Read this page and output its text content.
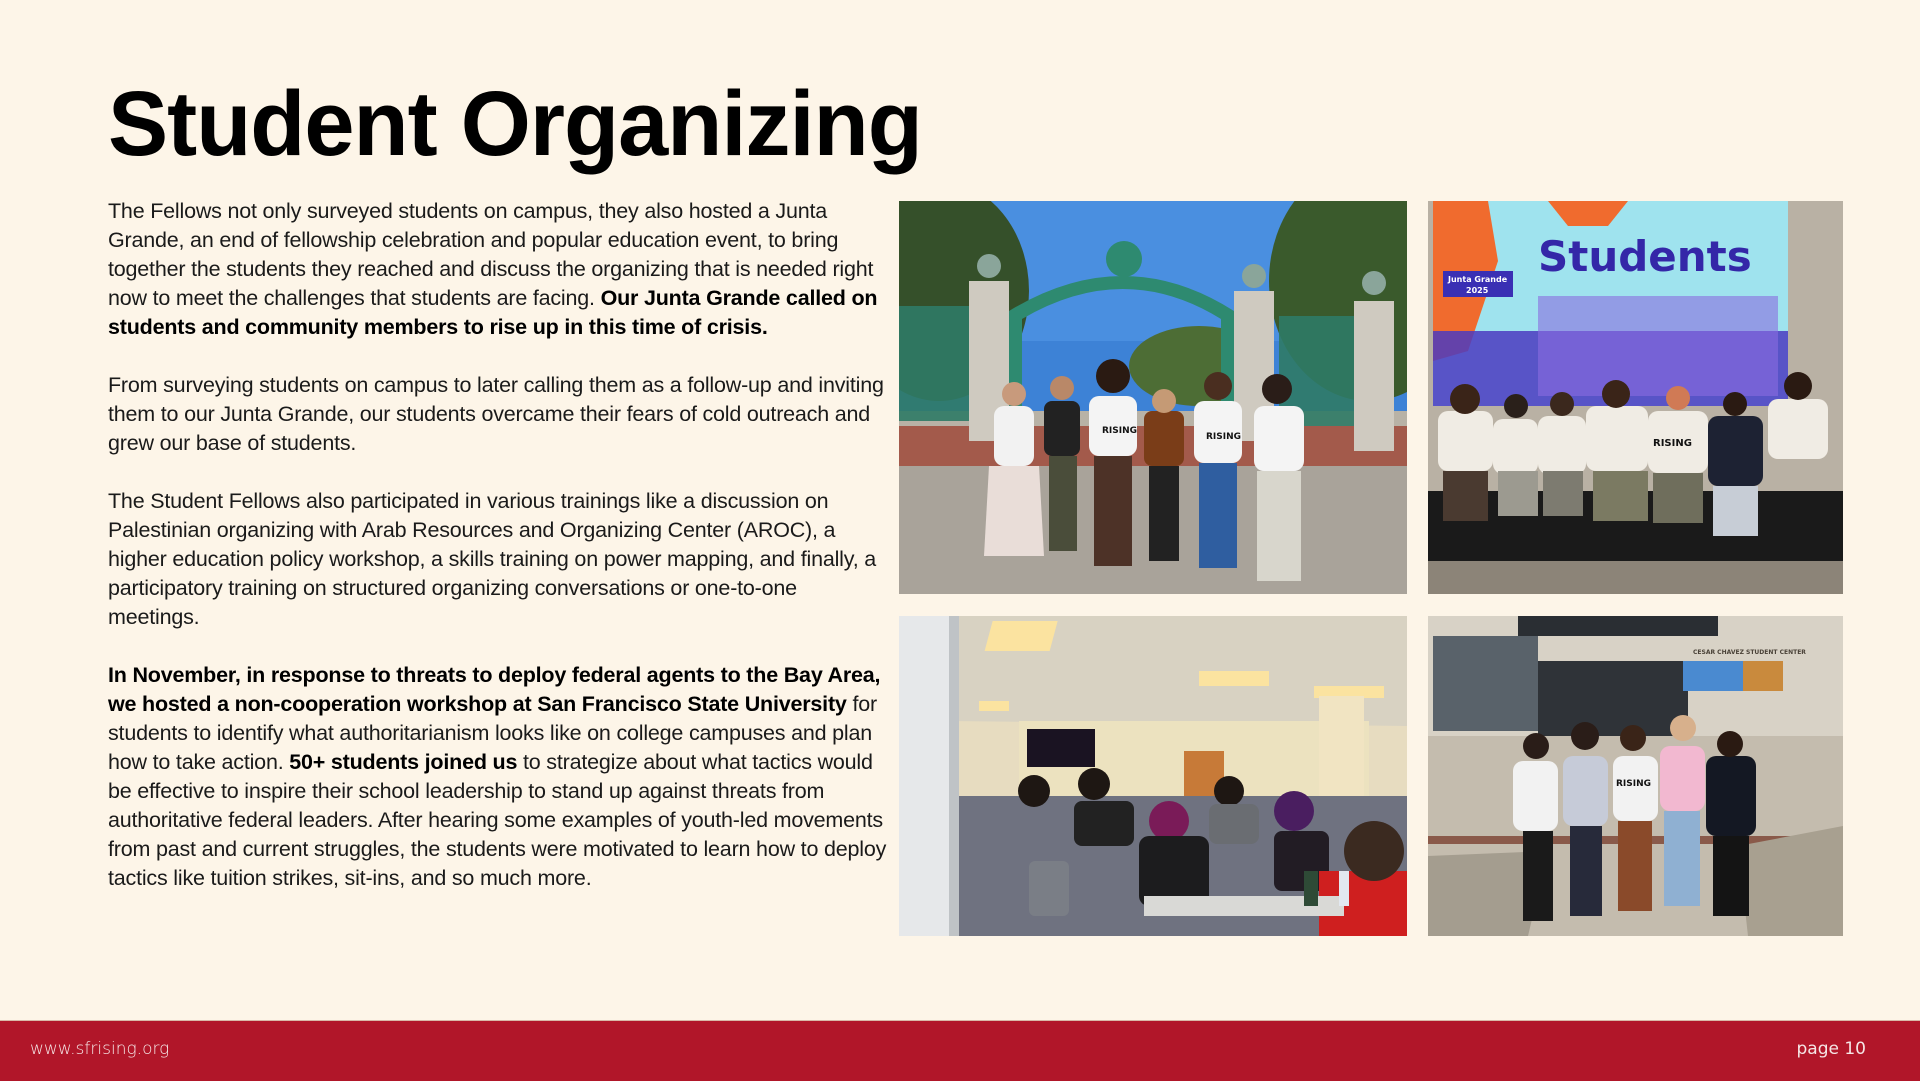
Student Organizing

The Fellows not only surveyed students on campus, they also hosted a Junta Grande, an end of fellowship celebration and popular education event, to bring together the students they reached and discuss the organizing that is needed right now to meet the challenges that students are facing. Our Junta Grande called on students and community members to rise up in this time of crisis.

From surveying students on campus to later calling them as a follow-up and inviting them to our Junta Grande, our students overcame their fears of cold outreach and grew our base of students.

The Student Fellows also participated in various trainings like a discussion on Palestinian organizing with Arab Resources and Organizing Center (AROC), a higher education policy workshop, a skills training on power mapping, and finally, a participatory training on structured organizing conversations or one-to-one meetings.

In November, in response to threats to deploy federal agents to the Bay Area, we hosted a non-cooperation workshop at San Francisco State University for students to identify what authoritarianism looks like on college campuses and plan how to take action. 50+ students joined us to strategize about what tactics would be effective to inspire their school leadership to stand up against threats from authoritative federal leaders. After hearing some examples of youth-led movements from past and current struggles, the students were motivated to learn how to deploy tactics like tuition strikes, sit-ins, and so much more.

RISING
RISING
Students
Junta Grande
2025
RISING
CESAR CHAVEZ STUDENT CENTER
RISING
www.sfrising.org	page 10
